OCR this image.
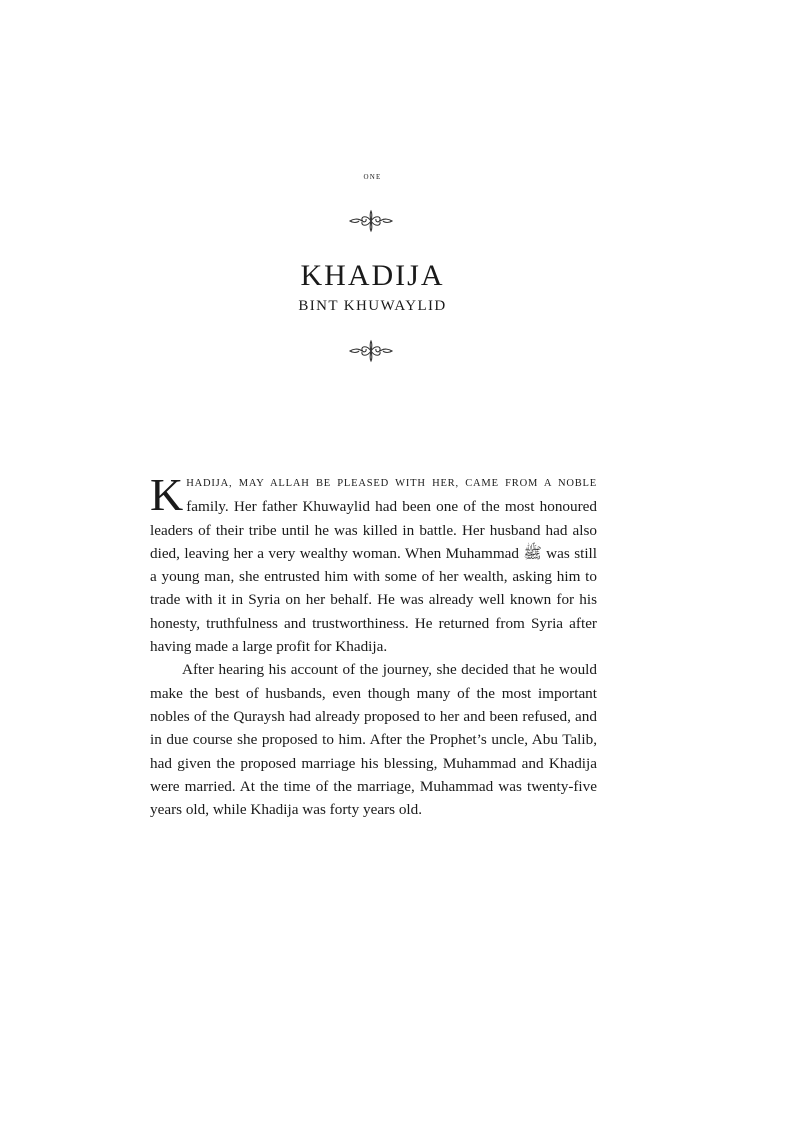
one
KHADIJA
BINT KHUWAYLID

KHADIJA, MAY ALLAH BE PLEASED WITH HER, CAME FROM A NOBLE family. Her father Khuwaylid had been one of the most honoured leaders of their tribe until he was killed in battle. Her husband had also died, leaving her a very wealthy woman. When Muhammad ﷺ was still a young man, she entrusted him with some of her wealth, asking him to trade with it in Syria on her behalf. He was already well known for his honesty, truthfulness and trustworthiness. He returned from Syria after having made a large profit for Khadija.

After hearing his account of the journey, she decided that he would make the best of husbands, even though many of the most important nobles of the Quraysh had already proposed to her and been refused, and in due course she proposed to him. After the Prophet’s uncle, Abu Talib, had given the proposed marriage his blessing, Muhammad and Khadija were married. At the time of the marriage, Muhammad was twenty-five years old, while Khadija was forty years old.
